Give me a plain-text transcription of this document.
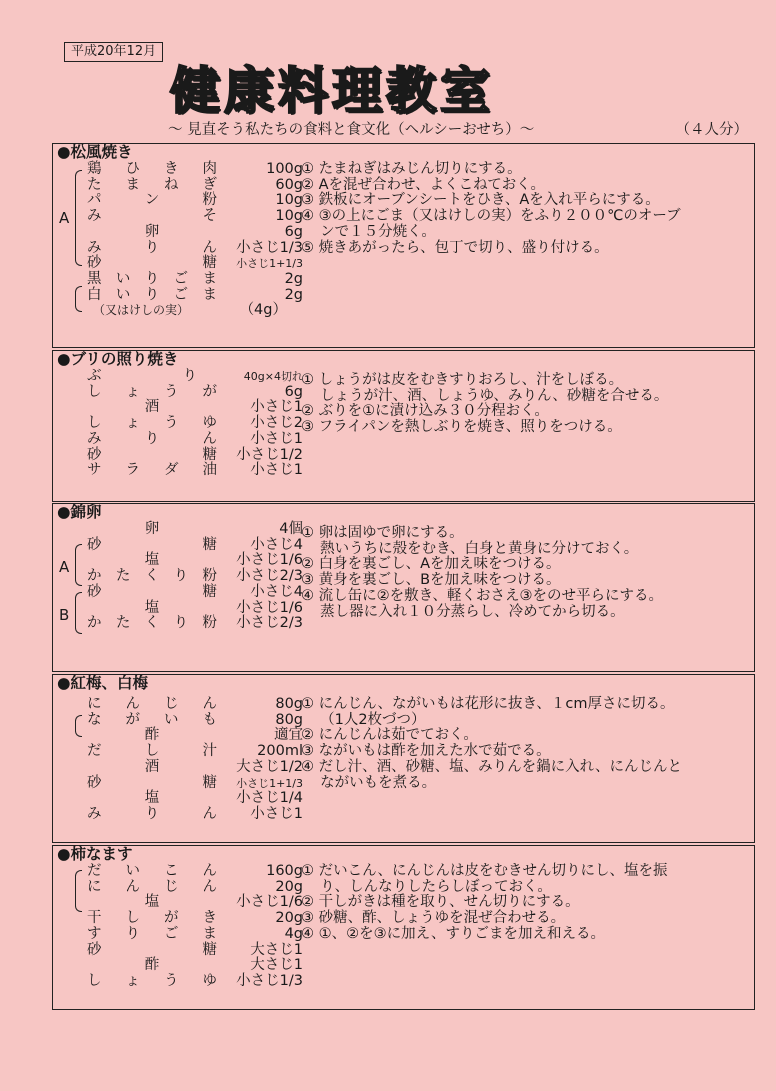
平成20年12月
健康料理教室
～ 見直そう私たちの食料と食文化（ヘルシーおせち）～	（４人分）
●松風焼き
A
鶏ひき肉	100g
たまねぎ	60g
パン粉	10g
みそ	10g
卵	6g
みりん 小さじ1/3
砂糖 小さじ1+1/3
黒いりごま	2g
白いりごま	2g
（又はけしの実）	（4g）
① たまねぎはみじん切りにする。
② Aを混ぜ合わせ、よくこねておく。
③ 鉄板にオーブンシートをひき、Aを入れ平らにする。
④ ③の上にごま（又はけしの実）をふり２００℃のオーブ
　 ンで１５分焼く。
⑤ 焼きあがったら、包丁で切り、盛り付ける。
●ブリの照り焼き
ぶり	40g×4切れ
しょうが	6g
酒	小さじ1
しょうゆ 小さじ2
みりん 小さじ1
砂糖 小さじ1/2
サラダ油 小さじ1
① しょうがは皮をむきすりおろし、汁をしぼる。
　 しょうが汁、酒、しょうゆ、みりん、砂糖を合せる。
② ぶりを①に漬け込み３０分程おく。
③ フライパンを熱しぶりを焼き、照りをつける。
●錦卵
A
B
卵	4個
砂糖 小さじ4
塩	小さじ1/6
かたくり粉 小さじ2/3
砂糖 小さじ4
塩	小さじ1/6
かたくり粉 小さじ2/3
① 卵は固ゆで卵にする。
　 熱いうちに殻をむき、白身と黄身に分けておく。
② 白身を裏ごし、Aを加え味をつける。
③ 黄身を裏ごし、Bを加え味をつける。
④ 流し缶に②を敷き、軽くおさえ③をのせ平らにする。
　 蒸し器に入れ１０分蒸らし、冷めてから切る。
●紅梅、白梅
にんじん	80g
ながいも	80g
酢	適宜
だし汁	200ml
酒	大さじ1/2
砂糖 小さじ1+1/3
塩	小さじ1/4
みりん 小さじ1
① にんじん、ながいもは花形に抜き、１cm厚さに切る。
　 （1人2枚づつ）
② にんじんは茹でておく。
③ ながいもは酢を加えた水で茹でる。
④ だし汁、酒、砂糖、塩、みりんを鍋に入れ、にんじんと
　 ながいもを煮る。
●柿なます
だいこん	160g
にんじん	20g
塩	小さじ1/6
干しがき	20g
すりごま	4g
砂糖 大さじ1
酢	大さじ1
しょうゆ 小さじ1/3
① だいこん、にんじんは皮をむきせん切りにし、塩を振
　 り、しんなりしたらしぼっておく。
② 干しがきは種を取り、せん切りにする。
③ 砂糖、酢、しょうゆを混ぜ合わせる。
④ ①、②を③に加え、すりごまを加え和える。
